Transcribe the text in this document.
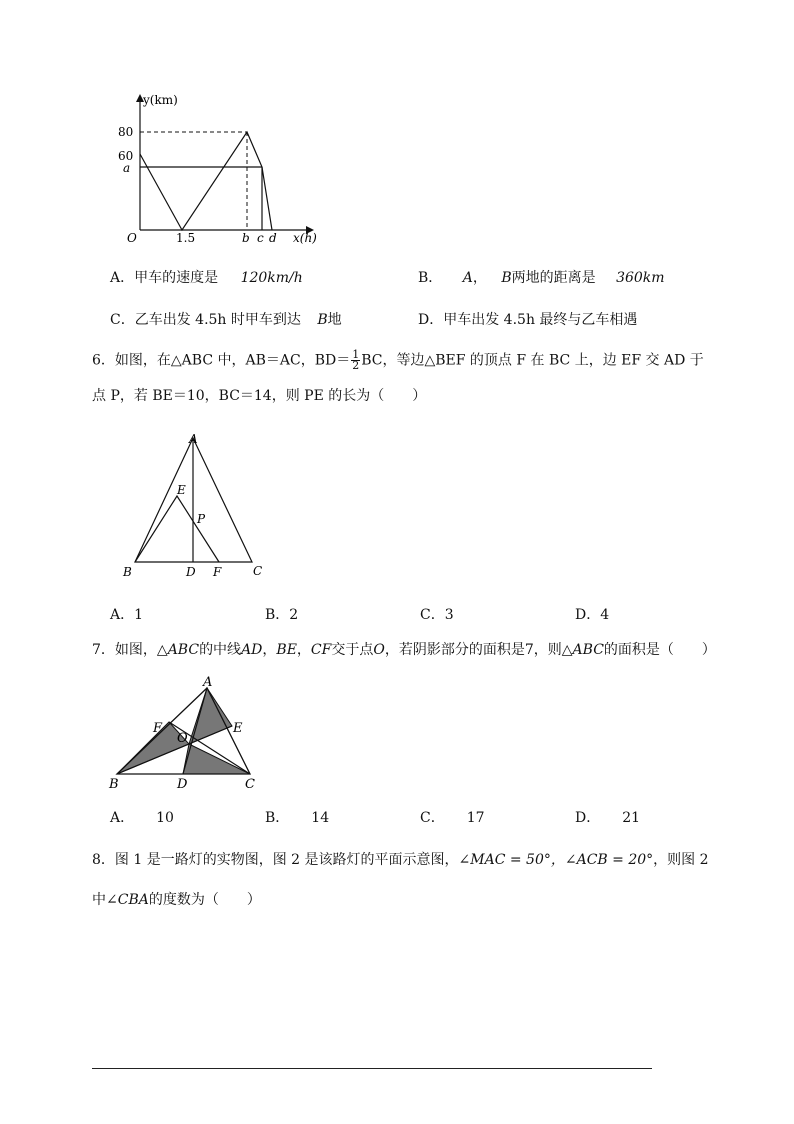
y(km)
x(h)
O
80
60
a
1.5	b c d
A．甲车的速度是 120km/h	B． A， B两地的距离是 360km
C．乙车出发 4.5h 时甲车到达 B地	D．甲车出发 4.5h 最终与乙车相遇
6．如图，在△ABC 中，AB＝AC，$BD= \frac{1}{2}$ BC，等边△BEF 的顶点 F 在 BC 上，边 EF 交 AD 于
点 P，若 BE＝10，BC＝14，则 PE 的长为（　　）
A
E
P
B	D F	C
A．1	B．2	C．3	D．4
7．如图，△ABC的中线AD，BE，CF交于点O，若阴影部分的面积是7，则△ABC的面积是（　　）
A
F	E
O
B	D	C
A． 10	B． 14	C． 17	D． 21
8．图 1 是一路灯的实物图，图 2 是该路灯的平面示意图，∠MAC = 50°，∠ACB = 20°，则图 2
中∠CBA的度数为（　　）
